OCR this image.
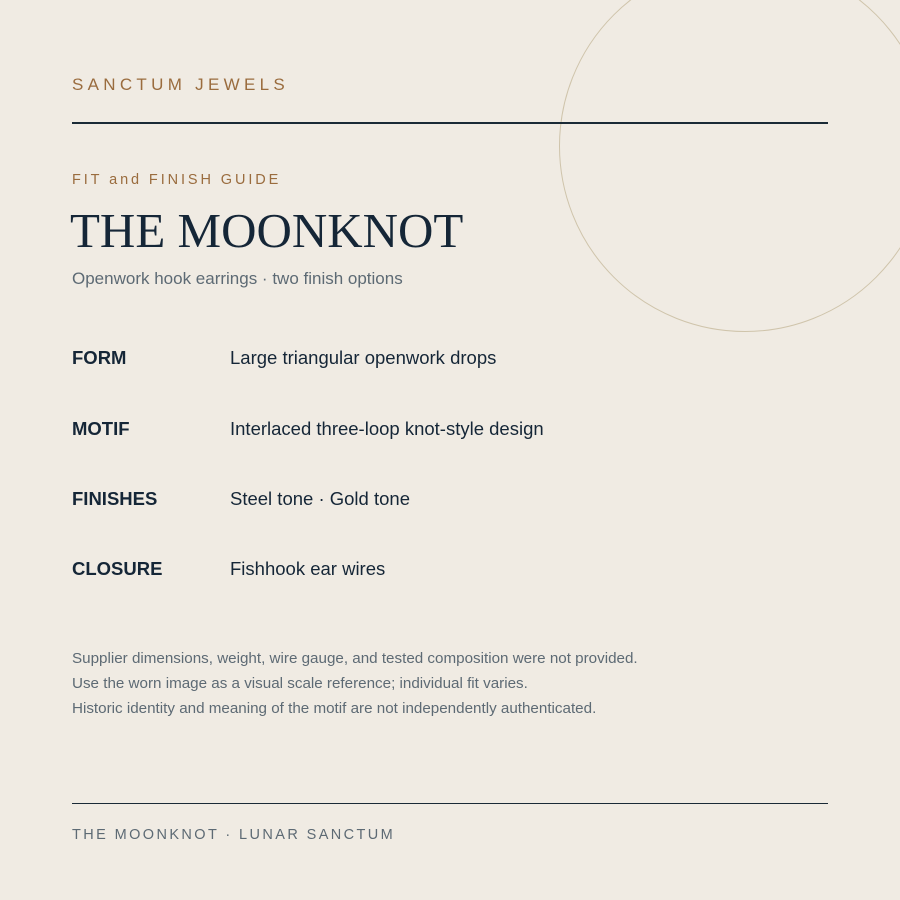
SANCTUM JEWELS
FIT and FINISH GUIDE
THE MOONKNOT
Openwork hook earrings · two finish options
FORM	Large triangular openwork drops
MOTIF	Interlaced three-loop knot-style design
FINISHES	Steel tone · Gold tone
CLOSURE	Fishhook ear wires
Supplier dimensions, weight, wire gauge, and tested composition were not provided.
Use the worn image as a visual scale reference; individual fit varies.
Historic identity and meaning of the motif are not independently authenticated.
THE MOONKNOT · LUNAR SANCTUM
